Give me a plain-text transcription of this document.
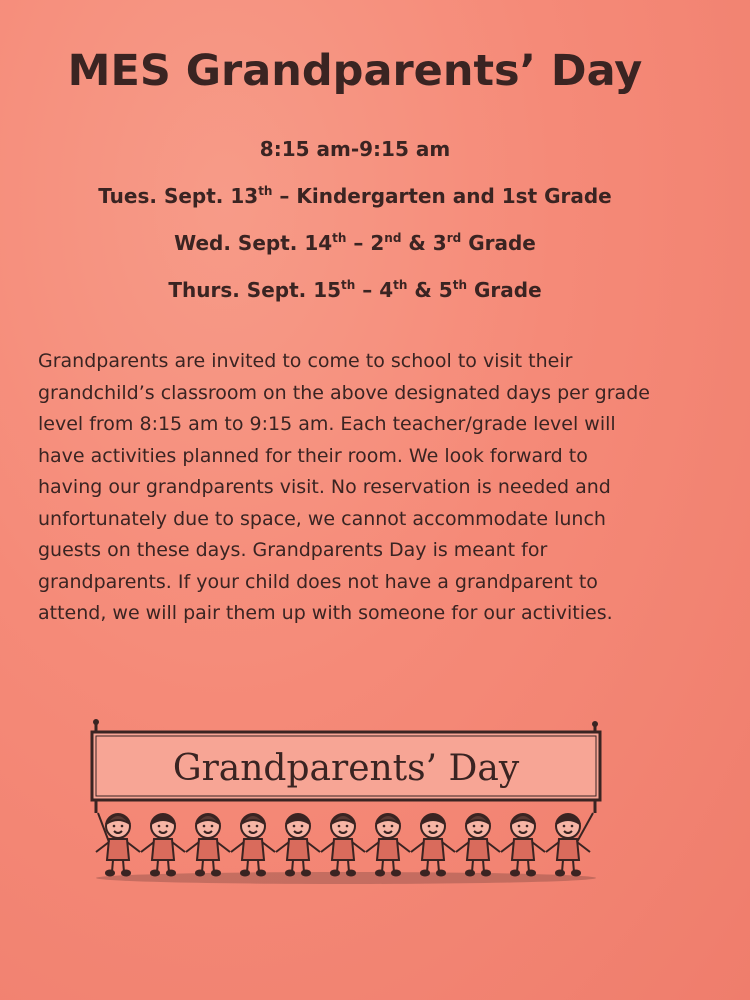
MES Grandparents’ Day
8:15 am-9:15 am
Tues. Sept. 13th – Kindergarten and 1st Grade
Wed. Sept. 14th – 2nd & 3rd Grade
Thurs. Sept. 15th – 4th & 5th Grade
Grandparents are invited to come to school to visit their
grandchild’s classroom on the above designated days per grade
level from 8:15 am to 9:15 am. Each teacher/grade level will
have activities planned for their room. We look forward to
having our grandparents visit. No reservation is needed and
unfortunately due to space, we cannot accommodate lunch
guests on these days. Grandparents Day is meant for
grandparents. If your child does not have a grandparent to
attend, we will pair them up with someone for our activities.
Grandparents’ Day
